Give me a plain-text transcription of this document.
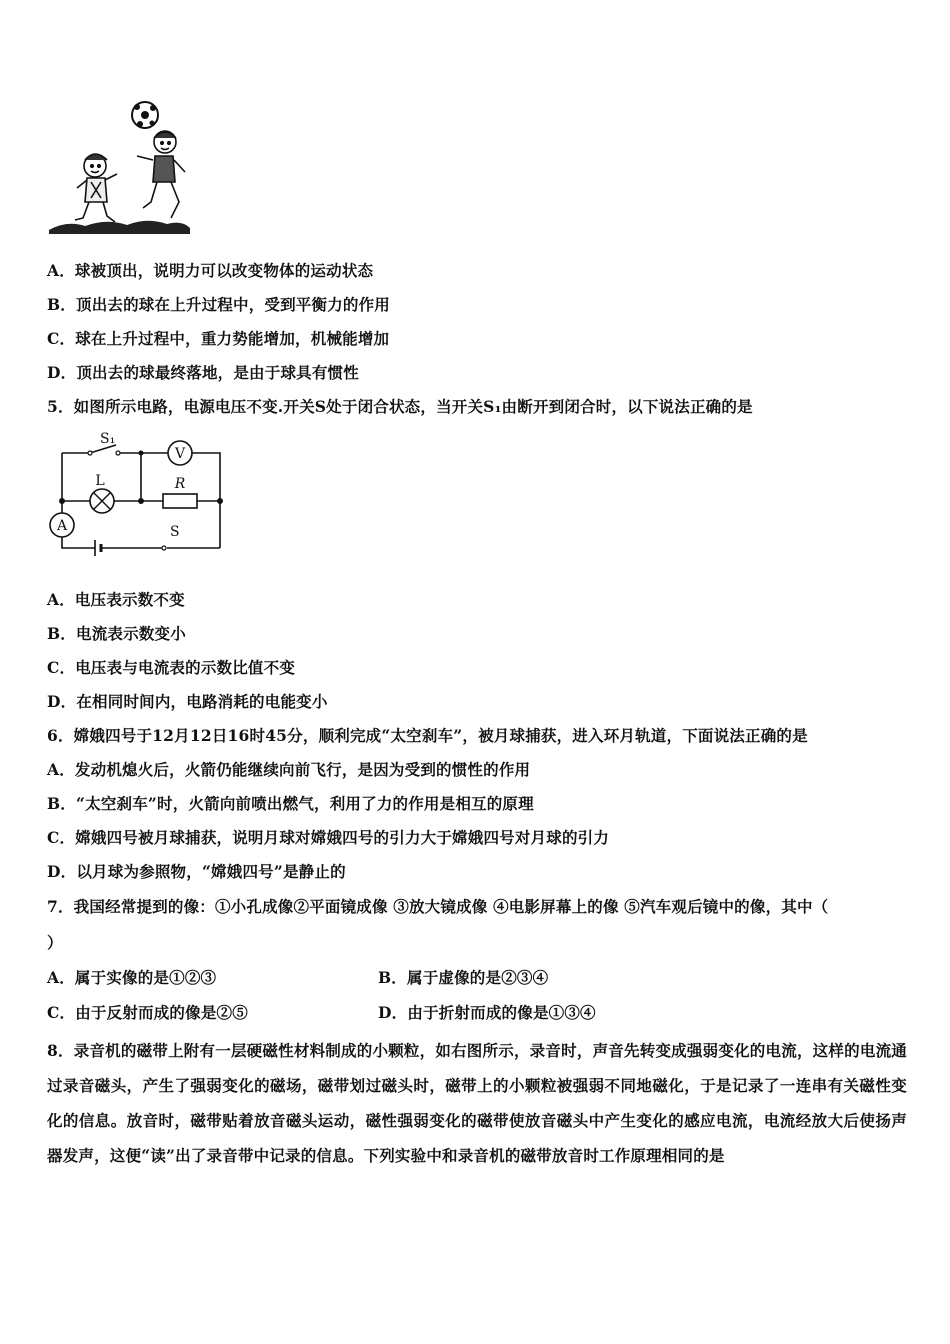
A．球被顶出，说明力可以改变物体的运动状态
B．顶出去的球在上升过程中，受到平衡力的作用
C．球在上升过程中，重力势能增加，机械能增加
D．顶出去的球最终落地，是由于球具有惯性
5．如图所示电路，电源电压不变.开关S处于闭合状态，当开关S₁由断开到闭合时，以下说法正确的是
V
L	R
A
S₁
S
A．电压表示数不变
B．电流表示数变小
C．电压表与电流表的示数比值不变
D．在相同时间内，电路消耗的电能变小
6．嫦娥四号于12月12日16时45分，顺利完成“太空刹车”，被月球捕获，进入环月轨道，下面说法正确的是
A．发动机熄火后，火箭仍能继续向前飞行，是因为受到的惯性的作用
B．“太空刹车”时，火箭向前喷出燃气，利用了力的作用是相互的原理
C．嫦娥四号被月球捕获，说明月球对嫦娥四号的引力大于嫦娥四号对月球的引力
D．以月球为参照物，“嫦娥四号”是静止的
7．我国经常提到的像：①小孔成像②平面镜成像 ③放大镜成像 ④电影屏幕上的像 ⑤汽车观后镜中的像，其中（
）
A．属于实像的是①②③	B．属于虚像的是②③④
C．由于反射而成的像是②⑤	D．由于折射而成的像是①③④
8．录音机的磁带上附有一层硬磁性材料制成的小颗粒，如右图所示，录音时，声音先转变成强弱变化的电流，这样的电流通过录音磁头，产生了强弱变化的磁场，磁带划过磁头时，磁带上的小颗粒被强弱不同地磁化，于是记录了一连串有关磁性变化的信息。放音时，磁带贴着放音磁头运动，磁性强弱变化的磁带使放音磁头中产生变化的感应电流，电流经放大后使扬声器发声，这便“读”出了录音带中记录的信息。下列实验中和录音机的磁带放音时工作原理相同的是
